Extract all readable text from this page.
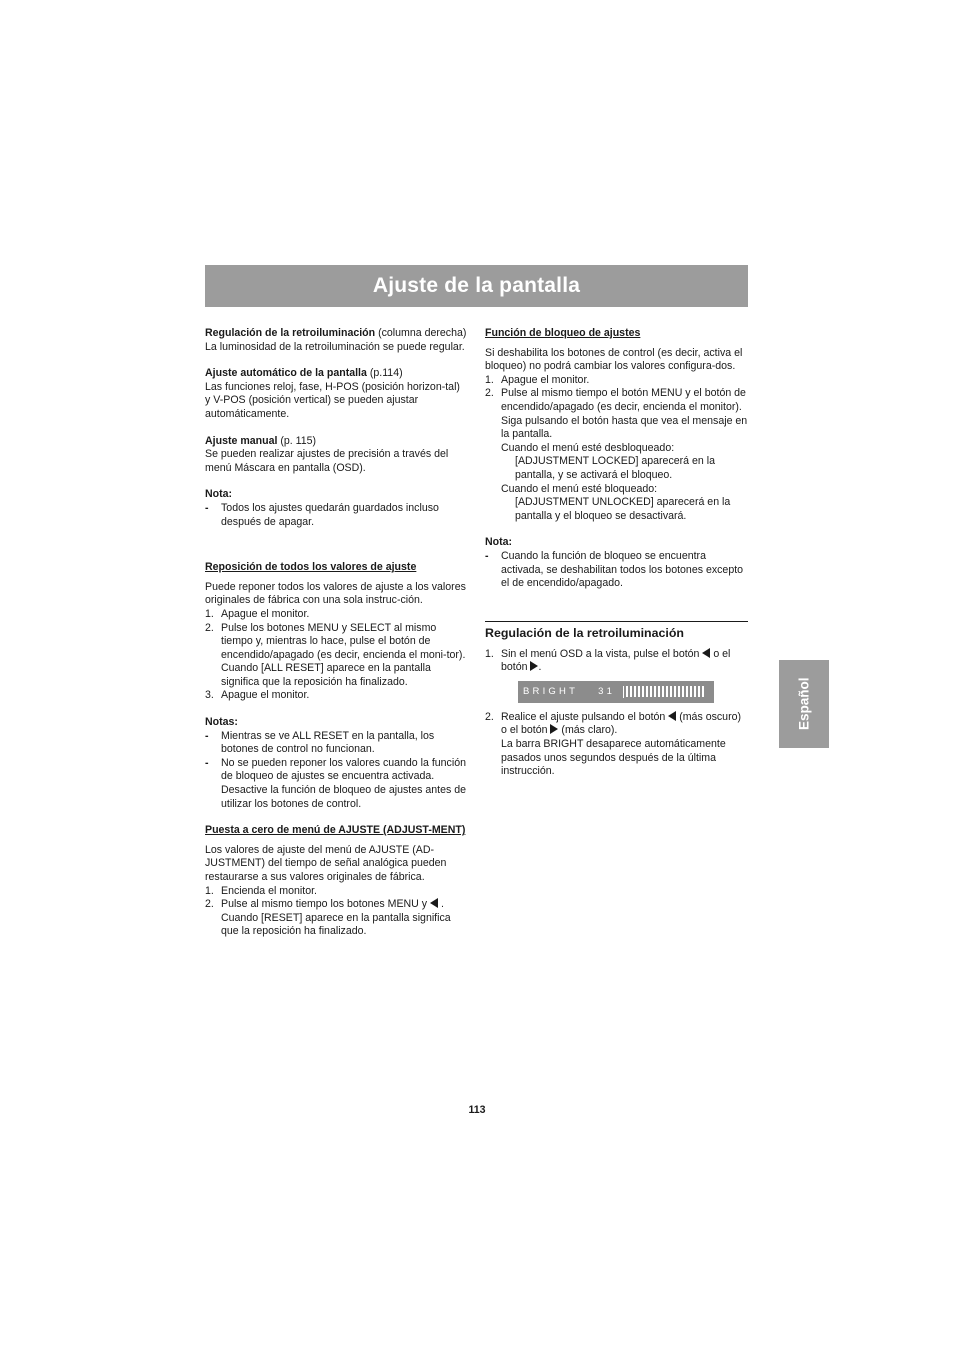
Ajuste de la pantalla

Regulación de la retroiluminación (columna derecha)

La luminosidad de la retroiluminación se puede regular.

Ajuste automático de la pantalla (p.114)

Las funciones reloj, fase, H-POS (posición horizon-tal) y V-POS (posición vertical) se pueden ajustar automáticamente.

Ajuste manual (p. 115)

Se pueden realizar ajustes de precisión a través del menú Máscara en pantalla (OSD).

Nota:

- Todos los ajustes quedarán guardados incluso después de apagar.

Reposición de todos los valores de ajuste

Puede reponer todos los valores de ajuste a los valores originales de fábrica con una sola instruc-ción.

1. Apague el monitor.
2. Pulse los botones MENU y SELECT al mismo tiempo y, mientras lo hace, pulse el botón de encendido/apagado (es decir, encienda el moni-tor). Cuando [ALL RESET] aparece en la pantalla significa que la reposición ha finalizado.
3. Apague el monitor.

Notas:

- Mientras se ve ALL RESET en la pantalla, los botones de control no funcionan.
- No se pueden reponer los valores cuando la función de bloqueo de ajustes se encuentra activada. Desactive la función de bloqueo de ajustes antes de utilizar los botones de control.

Puesta a cero de menú de AJUSTE (ADJUST-MENT)

Los valores de ajuste del menú de AJUSTE (AD-JUSTMENT) del tiempo de señal analógica pueden restaurarse a sus valores originales de fábrica.

1. Encienda el monitor.
2. Pulse al mismo tiempo los botones MENU y  . Cuando [RESET] aparece en la pantalla significa que la reposición ha finalizado.

Función de bloqueo de ajustes

Si deshabilita los botones de control (es decir, activa el bloqueo) no podrá cambiar los valores configura-dos.

1. Apague el monitor.
2. Pulse al mismo tiempo el botón MENU y el botón de encendido/apagado (es decir, encienda el monitor).
Siga pulsando el botón hasta que vea el mensaje en la pantalla.

Cuando el menú esté desbloqueado:

[ADJUSTMENT LOCKED] aparecerá en la pantalla, y se activará el bloqueo.

Cuando el menú esté bloqueado:

[ADJUSTMENT UNLOCKED] aparecerá en la pantalla y el bloqueo se desactivará.

Nota:

- Cuando la función de bloqueo se encuentra activada, se deshabilitan todos los botones excepto el de encendido/apagado.

Regulación de la retroiluminación

1. Sin el menú OSD a la vista, pulse el botón  o el botón .
BRIGHT 31
2. Realice el ajuste pulsando el botón  (más oscuro) o el botón  (más claro).
La barra BRIGHT desaparece automáticamente pasados unos segundos después de la última instrucción.
Español
113
